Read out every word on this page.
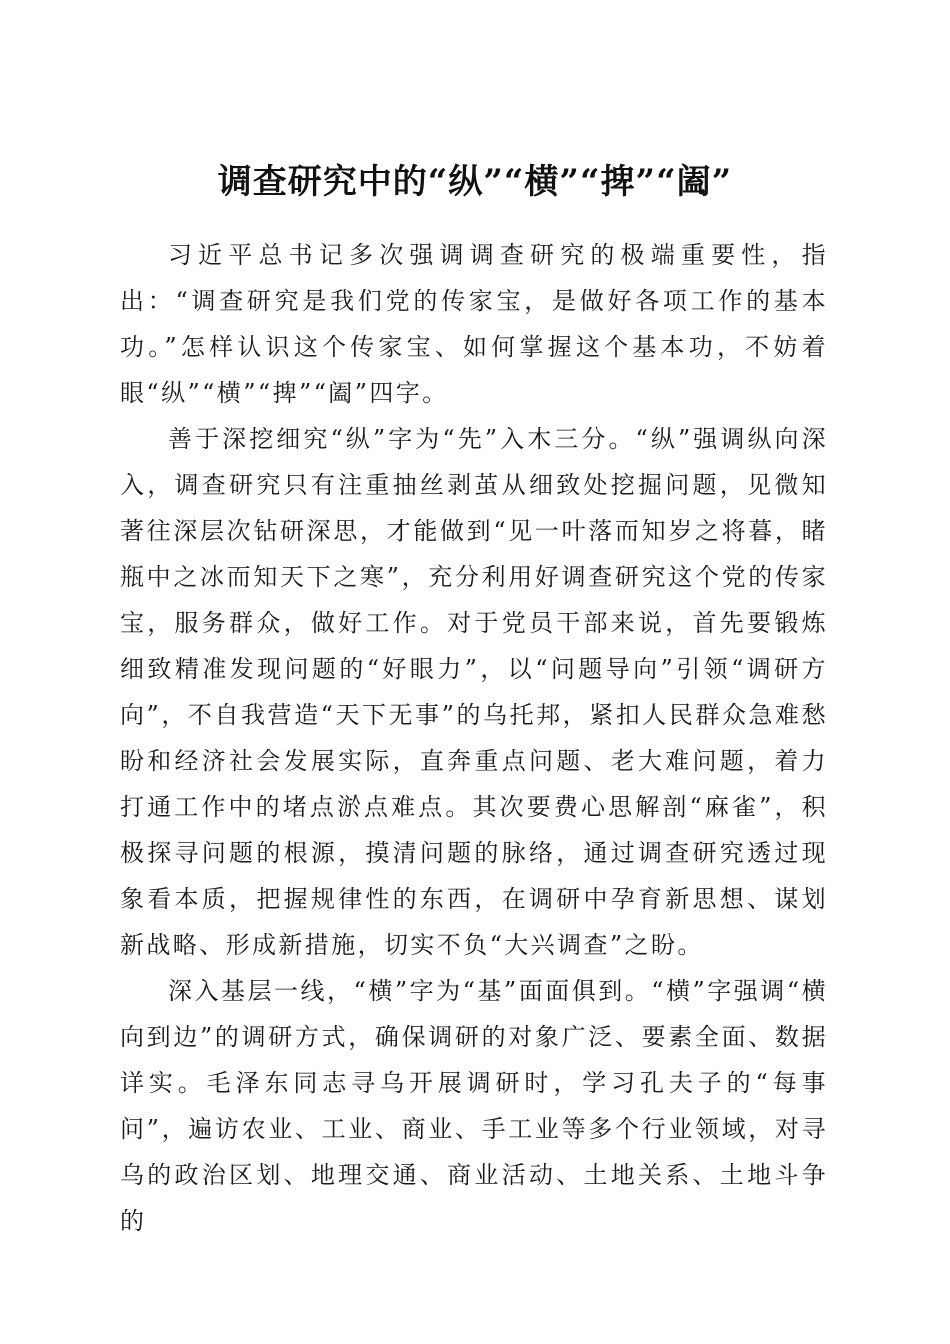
调查研究中的“纵”“横”“捭”“阖”

习近平总书记多次强调调查研究的极端重要性，指出：“调查研究是我们党的传家宝，是做好各项工作的基本功。”怎样认识这个传家宝、如何掌握这个基本功，不妨着眼“纵”“横”“捭”“阖”四字。

善于深挖细究“纵”字为“先”入木三分。“纵”强调纵向深入，调查研究只有注重抽丝剥茧从细致处挖掘问题，见微知著往深层次钻研深思，才能做到“见一叶落而知岁之将暮，睹瓶中之冰而知天下之寒”，充分利用好调查研究这个党的传家宝，服务群众，做好工作。对于党员干部来说，首先要锻炼细致精准发现问题的“好眼力”，以“问题导向”引领“调研方向”，不自我营造“天下无事”的乌托邦，紧扣人民群众急难愁盼和经济社会发展实际，直奔重点问题、老大难问题，着力打通工作中的堵点淤点难点。其次要费心思解剖“麻雀”，积极探寻问题的根源，摸清问题的脉络，通过调查研究透过现象看本质，把握规律性的东西，在调研中孕育新思想、谋划新战略、形成新措施，切实不负“大兴调查”之盼。

深入基层一线，“横”字为“基”面面俱到。“横”字强调“横向到边”的调研方式，确保调研的对象广泛、要素全面、数据详实。毛泽东同志寻乌开展调研时，学习孔夫子的“每事问”，遍访农业、工业、商业、手工业等多个行业领域，对寻乌的政治区划、地理交通、商业活动、土地关系、土地斗争的
